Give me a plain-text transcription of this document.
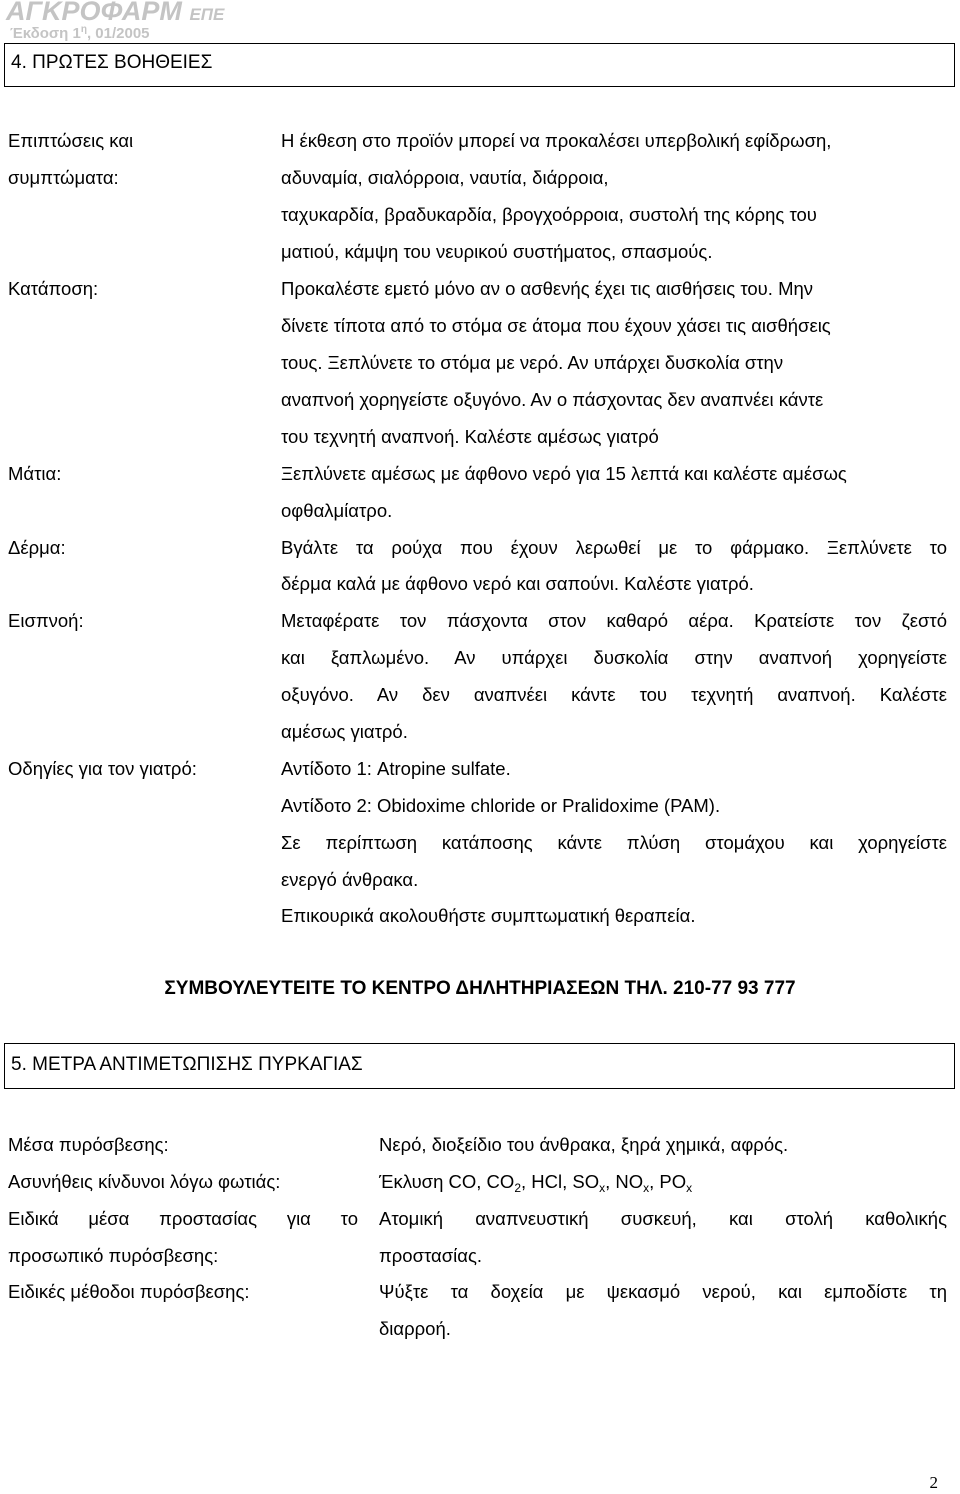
ΑΓΚΡΟΦΑΡΜ ΕΠΕ
Έκδοση $1^\eta$, 01/2005
4. ΠΡΩΤΕΣ ΒΟΗΘΕΙΕΣ
Επιπτώσεις και
συμπτώματα:
Κατάποση:
Μάτια:
Δέρμα:
Εισπνοή:
Οδηγίες για τον γιατρό:
Η έκθεση στο προϊόν μπορεί να προκαλέσει υπερβολική εφίδρωση,
αδυναμία, σιαλόρροια, ναυτία, διάρροια,
ταχυκαρδία, βραδυκαρδία, βρογχοόρροια, συστολή της κόρης του
ματιού, κάμψη του νευρικού συστήματος, σπασμούς.
Προκαλέστε εμετό μόνο αν ο ασθενής έχει τις αισθήσεις του. Μην
δίνετε τίποτα από το στόμα σε άτομα που έχουν χάσει τις αισθήσεις
τους. Ξεπλύνετε το στόμα με νερό. Αν υπάρχει δυσκολία στην
αναπνοή χορηγείστε οξυγόνο. Αν ο πάσχοντας δεν αναπνέει κάντε
του τεχνητή αναπνοή. Καλέστε αμέσως γιατρό
Ξεπλύνετε αμέσως με άφθονο νερό για 15 λεπτά και καλέστε αμέσως
οφθαλμίατρο.
Βγάλτε τα ρούχα που έχουν λερωθεί με το φάρμακο. Ξεπλύνετε το
δέρμα καλά με άφθονο νερό και σαπούνι. Καλέστε γιατρό.
Μεταφέρατε τον πάσχοντα στον καθαρό αέρα. Κρατείστε τον ζεστό
και ξαπλωμένο. Αν υπάρχει δυσκολία στην αναπνοή χορηγείστε
οξυγόνο. Αν δεν αναπνέει κάντε του τεχνητή αναπνοή. Καλέστε
αμέσως γιατρό.
Αντίδοτο 1: Atropine sulfate.
Αντίδοτο 2: Obidoxime chloride or Pralidoxime (PAM).
Σε περίπτωση κατάποσης κάντε πλύση στομάχου και χορηγείστε
ενεργό άνθρακα.
Επικουρικά ακολουθήστε συμπτωματική θεραπεία.
ΣΥΜΒΟΥΛΕΥΤΕΙΤΕ ΤΟ ΚΕΝΤΡΟ ΔΗΛΗΤΗΡΙΑΣΕΩΝ ΤΗΛ. 210-77 93 777
5. ΜΕΤΡΑ ΑΝΤΙΜΕΤΩΠΙΣΗΣ ΠΥΡΚΑΓΙΑΣ
Μέσα πυρόσβεσης:
Ασυνήθεις κίνδυνοι λόγω φωτιάς:
Ειδικά μέσα προστασίας για το
προσωπικό πυρόσβεσης:
Ειδικές μέθοδοι πυρόσβεσης:
Νερό, διοξείδιο του άνθρακα, ξηρά χημικά, αφρός.
Έκλυση CO, $CO_2$, HCl, $SO_x$, $NO_x$, $PO_x$
Ατομική αναπνευστική συσκευή, και στολή καθολικής
προστασίας.
Ψύξτε τα δοχεία με ψεκασμό νερού, και εμποδίστε τη
διαρροή.
2
